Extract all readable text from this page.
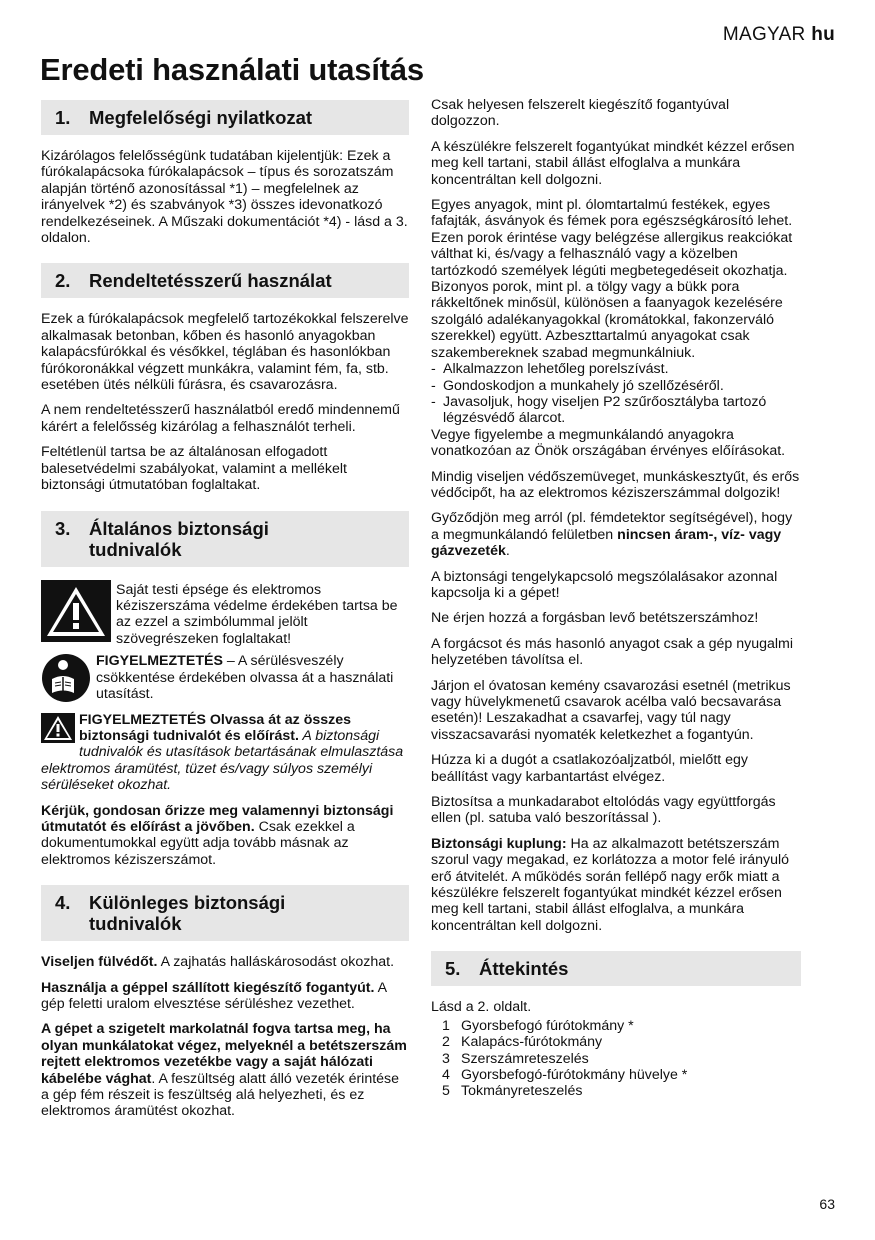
MAGYAR hu
Eredeti használati utasítás
1.	Megfelelőségi nyilatkozat

Kizárólagos felelősségünk tudatában kijelentjük: Ezek a fúrókalapácsoka fúrókalapácsok – típus és sorozatszám alapján történő azonosítással *1) – megfelelnek az irányelvek *2) és szabványok *3) összes idevonatkozó rendelkezéseinek. A Műszaki dokumentációt *4) - lásd a 3. oldalon.

2.	Rendeltetésszerű használat

Ezek a fúrókalapácsok megfelelő tartozékokkal felszerelve alkalmasak betonban, kőben és hasonló anyagokban kalapácsfúrókkal és vésőkkel, téglában és hasonlókban fúrókoronákkal végzett munkákra, valamint fém, fa, stb. esetében ütés nélküli fúrásra, és csavarozásra.

A nem rendeltetésszerű használatból eredő mindennemű kárért a felelősség kizárólag a felhasználót terheli.

Feltétlenül tartsa be az általánosan elfogadott balesetvédelmi szabályokat, valamint a mellékelt biztonsági útmutatóban foglaltakat.

3.	Általános biztonsági tudnivalók
Saját testi épsége és elektromos kéziszerszáma védelme érdekében tartsa be az ezzel a szimbólummal jelölt szövegrészeken foglaltakat!
FIGYELMEZTETÉS – A sérülésveszély csökkentése érdekében olvassa át a használati utasítást.

FIGYELMEZTETÉS Olvassa át az összes biztonsági tudnivalót és előírást. A biztonsági tudnivalók és utasítások betartásának elmulasztása elektromos áramütést, tüzet és/vagy súlyos személyi sérüléseket okozhat.

Kérjük, gondosan őrizze meg valamennyi biztonsági útmutatót és előírást a jövőben. Csak ezekkel a dokumentumokkal együtt adja tovább másnak az elektromos kéziszerszámot.

4.	Különleges biztonsági tudnivalók

Viseljen fülvédőt. A zajhatás halláskárosodást okozhat.

Használja a géppel szállított kiegészítő fogantyút. A gép feletti uralom elvesztése sérüléshez vezethet.

A gépet a szigetelt markolatnál fogva tartsa meg, ha olyan munkálatokat végez, melyeknél a betétszerszám rejtett elektromos vezetékbe vagy a saját hálózati kábelébe vághat. A feszültség alatt álló vezeték érintése a gép fém részeit is feszültség alá helyezheti, és ez elektromos áramütést okozhat.

Csak helyesen felszerelt kiegészítő fogantyúval dolgozzon.

A készülékre felszerelt fogantyúkat mindkét kézzel erősen meg kell tartani, stabil állást elfoglalva a munkára koncentráltan kell dolgozni.

Egyes anyagok, mint pl. ólomtartalmú festékek, egyes fafajták, ásványok és fémek pora egészségkárosító lehet. Ezen porok érintése vagy belégzése allergikus reakciókat válthat ki, és/vagy a felhasználó vagy a közelben tartózkodó személyek légúti megbetegedéseit okozhatja.

Bizonyos porok, mint pl. a tölgy vagy a bükk pora rákkeltőnek minősül, különösen a faanyagok kezelésére szolgáló adalékanyagokkal (kromátokkal, fakonzerváló szerekkel) együtt. Azbeszttartalmú anyagokat csak szakembereknek szabad megmunkálniuk.

- Alkalmazzon lehetőleg porelszívást.
- Gondoskodjon a munkahely jó szellőzéséről.
- Javasoljuk, hogy viseljen P2 szűrőosztályba tartozó légzésvédő álarcot.

Vegye figyelembe a megmunkálandó anyagokra vonatkozóan az Önök országában érvényes előírásokat.

Mindig viseljen védőszemüveget, munkáskesztyűt, és erős védőcipőt, ha az elektromos kéziszerszámmal dolgozik!

Győződjön meg arról (pl. fémdetektor segítségével), hogy a megmunkálandó felületben nincsen áram-, víz- vagy gázvezeték.

A biztonsági tengelykapcsoló megszólalásakor azonnal kapcsolja ki a gépet!

Ne érjen hozzá a forgásban levő betétszerszámhoz!

A forgácsot és más hasonló anyagot csak a gép nyugalmi helyzetében távolítsa el.

Járjon el óvatosan kemény csavarozási esetnél (metrikus vagy hüvelykmenetű csavarok acélba való becsavarása esetén)! Leszakadhat a csavarfej, vagy túl nagy visszacsavarási nyomaték keletkezhet a fogantyún.

Húzza ki a dugót a csatlakozóaljzatból, mielőtt egy beállítást vagy karbantartást elvégez.

Biztosítsa a munkadarabot eltolódás vagy együttforgás ellen (pl. satuba való beszorítással ).

Biztonsági kuplung: Ha az alkalmazott betétszerszám szorul vagy megakad, ez korlátozza a motor felé irányuló erő átvitelét. A működés során fellépő nagy erők miatt a készülékre felszerelt fogantyúkat mindkét kézzel erősen meg kell tartani, stabil állást elfoglalva, a munkára koncentráltan kell dolgozni.

5.	Áttekintés

Lásd a 2. oldalt.

1 Gyorsbefogó fúrótokmány *
2 Kalapács-fúrótokmány
3 Szerszámreteszelés
4 Gyorsbefogó-fúrótokmány hüvelye *
5 Tokmányreteszelés
63
